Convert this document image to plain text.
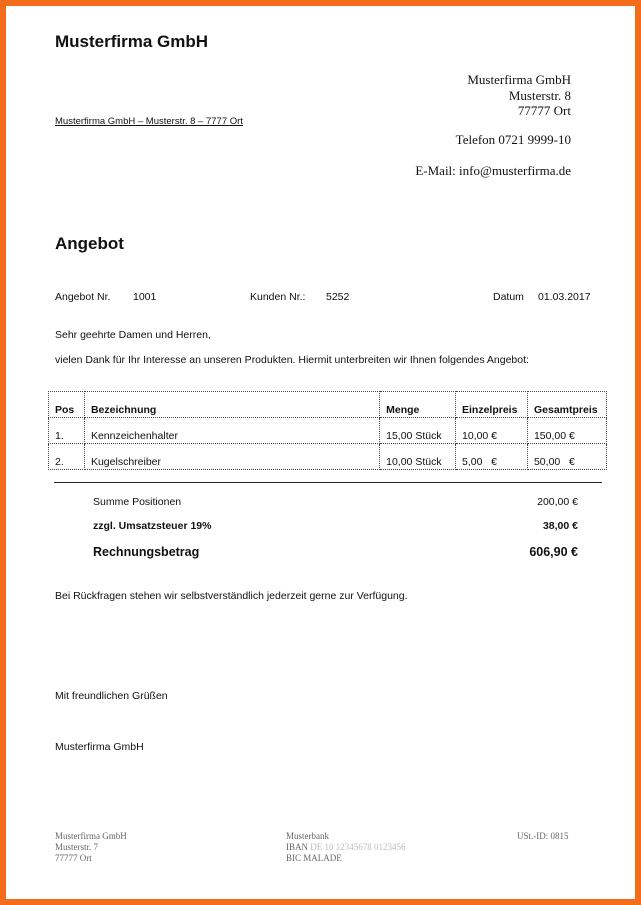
Musterfirma GmbH
Musterfirma GmbH
Musterstr. 8
77777 Ort
Musterfirma GmbH – Musterstr. 8 – 7777 Ort
Telefon 0721 9999-10
E-Mail: info@musterfirma.de
Angebot
Angebot Nr. 1001	Kunden Nr.: 5252	Datum 01.03.2017
Sehr geehrte Damen und Herren,
vielen Dank für Ihr Interesse an unseren Produkten. Hiermit unterbreiten wir Ihnen folgendes Angebot:
Pos	Bezeichnung	Menge	Einzelpreis	Gesamtpreis
1.	Kennzeichenhalter	15,00 Stück	10,00 €	150,00 €
2.	Kugelschreiber	10,00 Stück	5,00   €	50,00   €
Summe Positionen	200,00 €
zzgl. Umsatzsteuer 19%	38,00 €
Rechnungsbetrag	606,90 €
Bei Rückfragen stehen wir selbstverständlich jederzeit gerne zur Verfügung.
Mit freundlichen Grüßen
Musterfirma GmbH
Musterfirma GmbH
Musterstr. 7
77777 Ort
Musterbank
IBAN DE 10 12345678 0123456
BIC MALADE
USt.-ID: 0815
